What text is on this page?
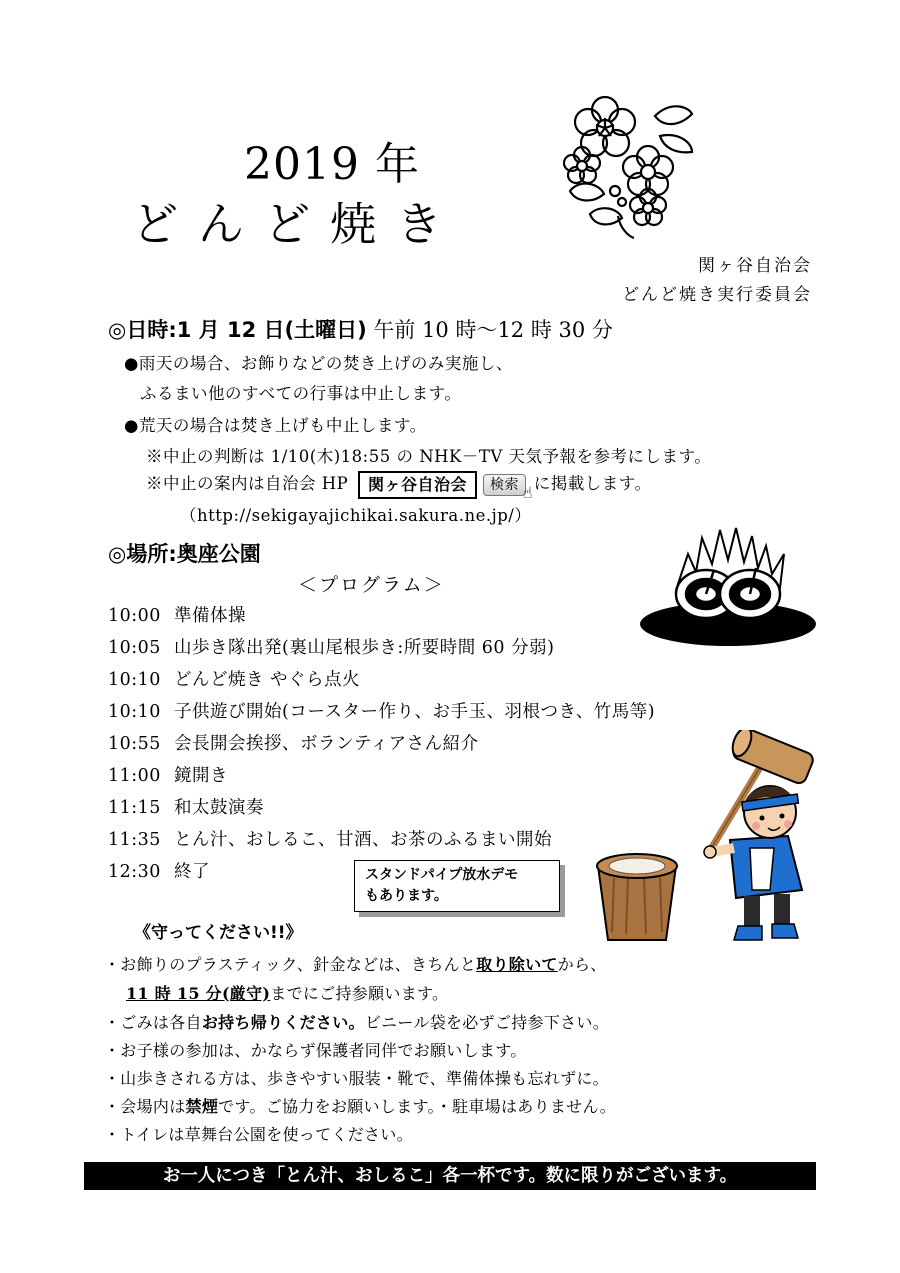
2019 年
どんど焼き
関ヶ谷自治会
どんど焼き実行委員会
◎日時:1 月 12 日(土曜日) 午前 10 時～12 時 30 分
●雨天の場合、お飾りなどの焚き上げのみ実施し、
ふるまい他のすべての行事は中止します。
●荒天の場合は焚き上げも中止します。
※中止の判断は 1/10(木)18:55 の NHK－TV 天気予報を参考にします。
※中止の案内は自治会 HP 関ヶ谷自治会 検索 ☝ に掲載します。
（http://sekigayajichikai.sakura.ne.jp/）
◎場所:奥座公園
＜プログラム＞
10:00 準備体操
10:05 山歩き隊出発(裏山尾根歩き:所要時間 60 分弱)
10:10 どんど焼き やぐら点火
10:10 子供遊び開始(コースター作り、お手玉、羽根つき、竹馬等)
10:55 会長開会挨拶、ボランティアさん紹介
11:00 鏡開き
11:15 和太鼓演奏
11:35 とん汁、おしるこ、甘酒、お茶のふるまい開始
12:30 終了	スタンドパイプ放水デモ
もあります。
《守ってください!!》
・お飾りのプラスティック、針金などは、きちんと取り除いてから、
11 時 15 分(厳守)までにご持参願います。
・ごみは各自お持ち帰りください。ビニール袋を必ずご持参下さい。
・お子様の参加は、かならず保護者同伴でお願いします。
・山歩きされる方は、歩きやすい服装・靴で、準備体操も忘れずに。
・会場内は禁煙です。ご協力をお願いします。・駐車場はありません。
・トイレは草舞台公園を使ってください。
お一人につき「とん汁、おしるこ」各一杯です。数に限りがございます。
